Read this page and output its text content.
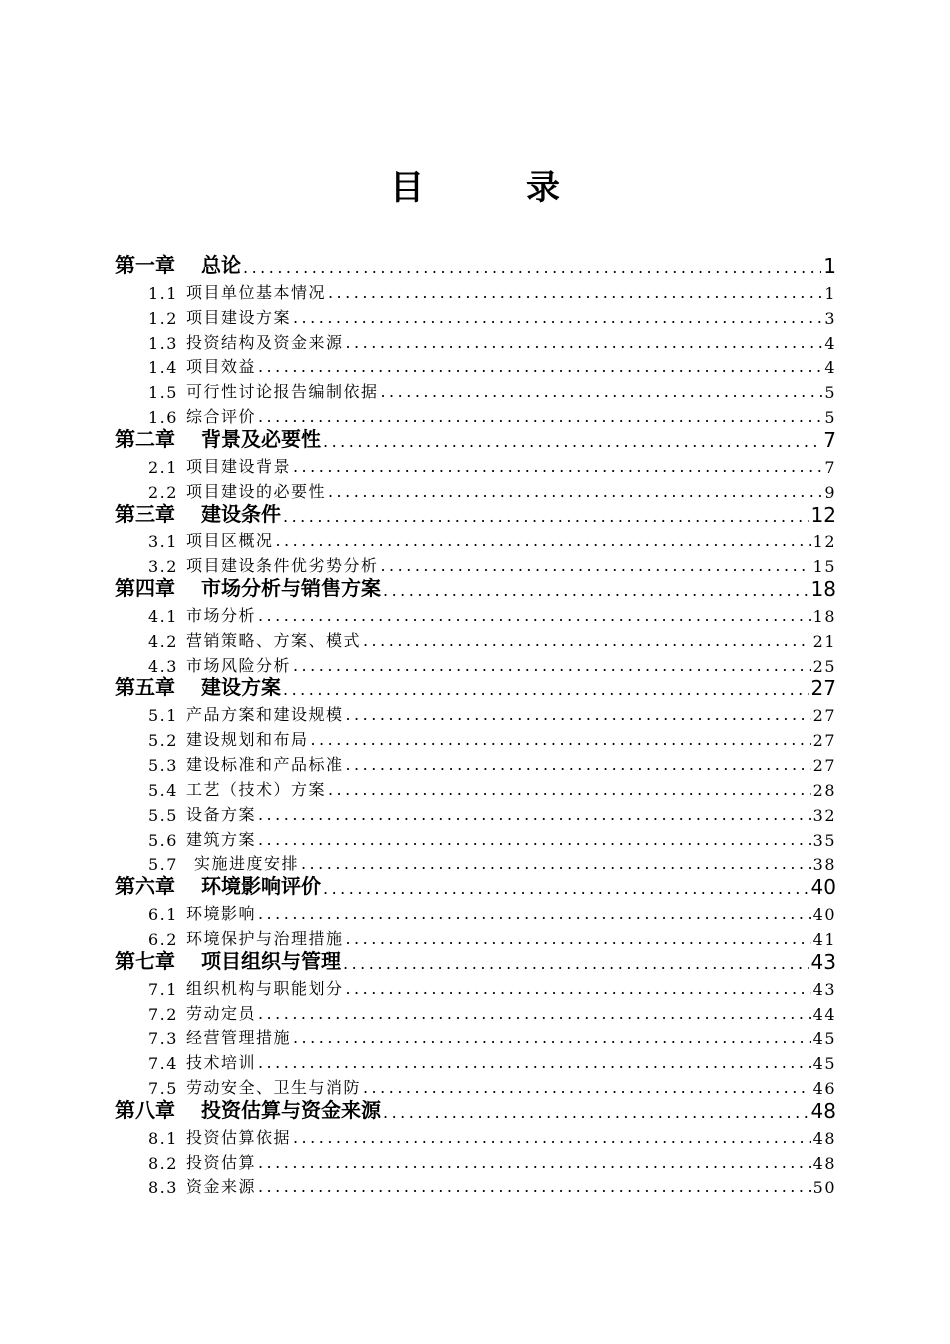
目　录
第一章 总论 .....	1
1.1 项目单位基本情况 .....	1
1.2 项目建设方案 .....	3
1.3 投资结构及资金来源 .....	4
1.4 项目效益 .....	4
1.5 可行性讨论报告编制依据 .....	5
1.6 综合评价 .....	5
第二章 背景及必要性 .....	7
2.1 项目建设背景 .....	7
2.2 项目建设的必要性 .....	9
第三章 建设条件 .....	12
3.1 项目区概况 .....	12
3.2 项目建设条件优劣势分析 .....	15
第四章 市场分析与销售方案 .....	18
4.1 市场分析 .....	18
4.2 营销策略、方案、模式 .....	21
4.3 市场风险分析 .....	25
第五章 建设方案 .....	27
5.1 产品方案和建设规模 .....	27
5.2 建设规划和布局 .....	27
5.3 建设标准和产品标准 .....	27
5.4 工艺（技术）方案 .....	28
5.5 设备方案 .....	32
5.6 建筑方案 .....	35
5.7 实施进度安排 .....	38
第六章 环境影响评价 .....	40
6.1 环境影响 .....	40
6.2 环境保护与治理措施 .....	41
第七章 项目组织与管理 .....	43
7.1 组织机构与职能划分 .....	43
7.2 劳动定员 .....	44
7.3 经营管理措施 .....	45
7.4 技术培训 .....	45
7.5 劳动安全、卫生与消防 .....	46
第八章 投资估算与资金来源 .....	48
8.1 投资估算依据 .....	48
8.2 投资估算 .....	48
8.3 资金来源 .....	50
